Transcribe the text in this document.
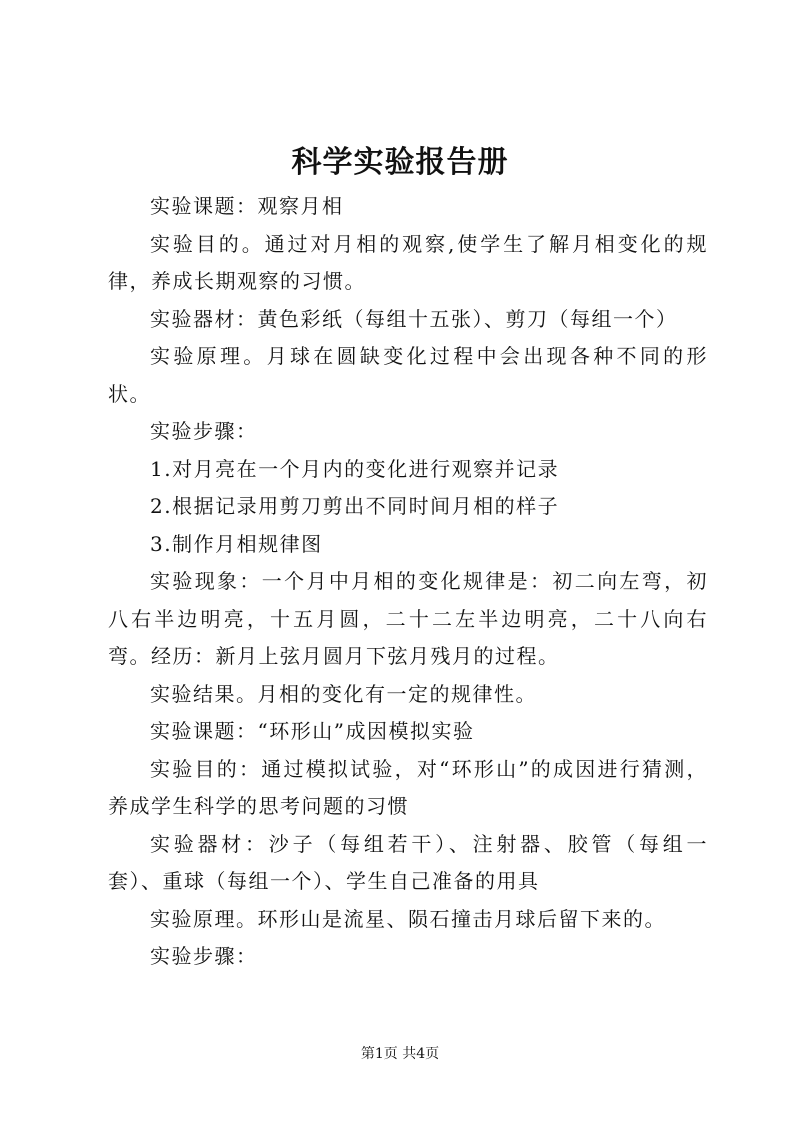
科学实验报告册

实验课题：观察月相

实验目的。通过对月相的观察,使学生了解月相变化的规律，养成长期观察的习惯。

实验器材：黄色彩纸（每组十五张）、剪刀（每组一个）

实验原理。月球在圆缺变化过程中会出现各种不同的形状。

实验步骤：

1.对月亮在一个月内的变化进行观察并记录

2.根据记录用剪刀剪出不同时间月相的样子

3.制作月相规律图

实验现象：一个月中月相的变化规律是：初二向左弯，初八右半边明亮，十五月圆，二十二左半边明亮，二十八向右弯。经历：新月上弦月圆月下弦月残月的过程。

实验结果。月相的变化有一定的规律性。

实验课题：“环形山”成因模拟实验

实验目的：通过模拟试验，对“环形山”的成因进行猜测，养成学生科学的思考问题的习惯

实验器材：沙子（每组若干）、注射器、胶管（每组一套）、重球（每组一个）、学生自己准备的用具

实验原理。环形山是流星、陨石撞击月球后留下来的。

实验步骤：

第1页 共4页
